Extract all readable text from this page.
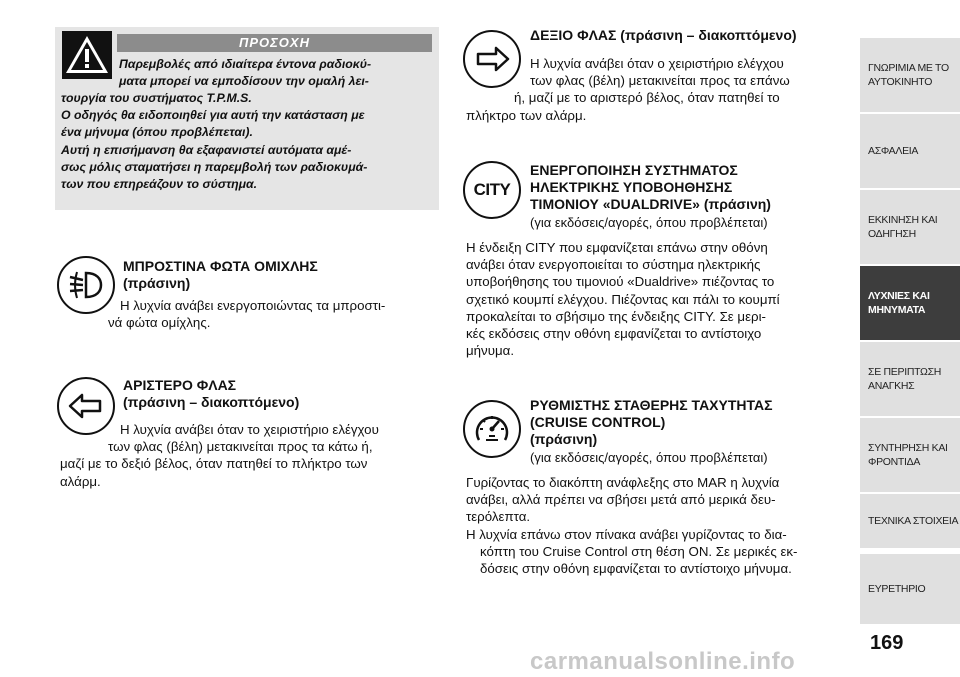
ΠΡΟΣΟΧΗ

Παρεμβολές από ιδιαίτερα έντονα ραδιοκύ-

ματα μπορεί να εμποδίσουν την ομαλή λει-

τουργία του συστήματος T.P.M.S.

Ο οδηγός θα ειδοποιηθεί για αυτή την κατάσταση με

ένα μήνυμα (όπου προβλέπεται).

Αυτή η επισήμανση θα εξαφανιστεί αυτόματα αμέ-

σως μόλις σταματήσει η παρεμβολή των ραδιοκυμά-

των που επηρεάζουν το σύστημα.

ΜΠΡΟΣΤΙΝΑ ΦΩΤΑ ΟΜΙΧΛΗΣ
(πράσινη)
Η λυχνία ανάβει ενεργοποιώντας τα μπροστι-
νά φώτα ομίχλης.
ΑΡΙΣΤΕΡΟ ΦΛΑΣ
(πράσινη – διακοπτόμενο)
Η λυχνία ανάβει όταν το χειριστήριο ελέγχου
των φλας (βέλη) μετακινείται προς τα κάτω ή,
μαζί με το δεξιό βέλος, όταν πατηθεί το πλήκτρο των
αλάρμ.
ΔΕΞΙΟ ΦΛΑΣ (πράσινη – διακοπτόμενο)
Η λυχνία ανάβει όταν ο χειριστήριο ελέγχου
των φλας (βέλη) μετακινείται προς τα επάνω
ή, μαζί με το αριστερό βέλος, όταν πατηθεί το
πλήκτρο των αλάρμ.
CITY
ΕΝΕΡΓΟΠΟΙΗΣΗ ΣΥΣΤΗΜΑΤΟΣ
ΗΛΕΚΤΡΙΚΗΣ ΥΠΟΒΟΗΘΗΣΗΣ
ΤΙΜΟΝΙΟΥ «DUALDRIVE» (πράσινη)
(για εκδόσεις/αγορές, όπου προβλέπεται)
Η ένδειξη CITY που εμφανίζεται επάνω στην οθόνη
ανάβει όταν ενεργοποιείται το σύστημα ηλεκτρικής
υποβοήθησης του τιμονιού «Dualdrive» πιέζοντας το
σχετικό κουμπί ελέγχου. Πιέζοντας και πάλι το κουμπί
προκαλείται το σβήσιμο της ένδειξης CITY. Σε μερι-
κές εκδόσεις στην οθόνη εμφανίζεται το αντίστοιχο
μήνυμα.
ΡΥΘΜΙΣΤΗΣ ΣΤΑΘΕΡΗΣ ΤΑΧΥΤΗΤΑΣ
(CRUISE CONTROL)
(πράσινη)
(για εκδόσεις/αγορές, όπου προβλέπεται)
Γυρίζοντας το διακόπτη ανάφλεξης στο MAR η λυχνία
ανάβει, αλλά πρέπει να σβήσει μετά από μερικά δευ-
τερόλεπτα.
Η λυχνία επάνω στον πίνακα ανάβει γυρίζοντας το δια-
κόπτη του Cruise Control στη θέση ON. Σε μερικές εκ-
δόσεις στην οθόνη εμφανίζεται το αντίστοιχο μήνυμα.
ΓΝΩΡΙΜΙΑ ΜΕ ΤΟ
ΑΥΤΟΚΙΝΗΤΟ
ΑΣΦΑΛΕΙΑ
ΕΚΚΙΝΗΣΗ ΚΑΙ
ΟΔΗΓΗΣΗ
ΛΥΧΝΙΕΣ ΚΑΙ
ΜΗΝΥΜΑΤΑ
ΣΕ ΠΕΡΙΠΤΩΣΗ
ΑΝΑΓΚΗΣ
ΣΥΝΤΗΡΗΣΗ ΚΑΙ
ΦΡΟΝΤΙΔΑ
ΤΕΧΝΙΚΑ ΣΤΟΙΧΕΙΑ
ΕΥΡΕΤΗΡΙΟ
169
carmanualsonline.info
